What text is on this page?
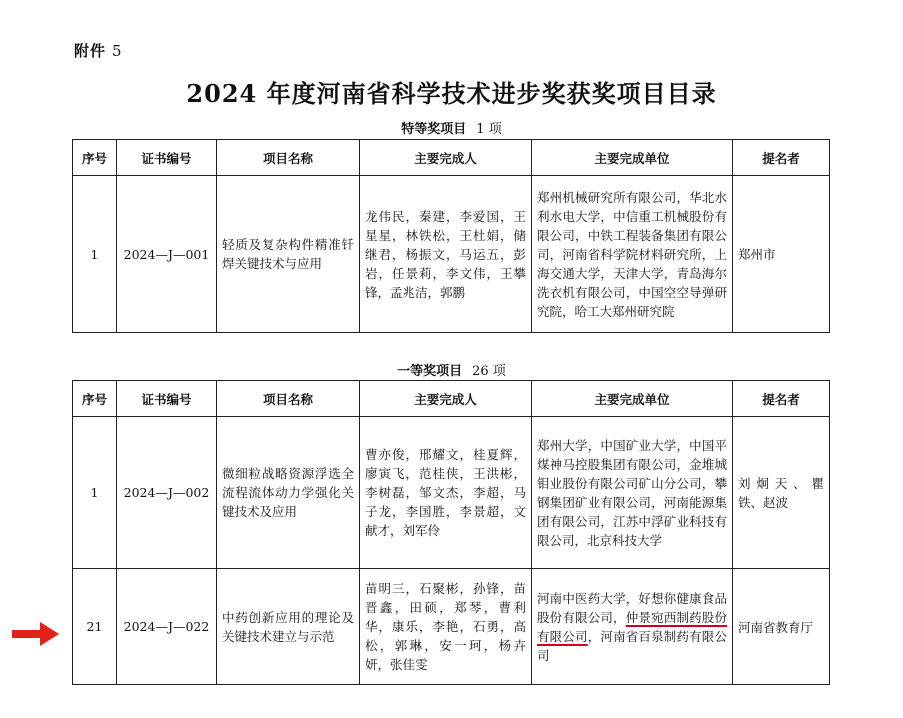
附件 5
2024 年度河南省科学技术进步奖获奖项目目录
特等奖项目 1 项
序号	证书编号	项目名称	主要完成人	主要完成单位	提名者
1	2024—J—001	轻质及复杂构件精准钎焊关键技术与应用	龙伟民，秦建，李爱国，王星星，林铁松，王杜娟，储继君，杨振文，马运五，彭岩，任景莉，李文伟，王攀锋，孟兆洁，郭鹏	郑州机械研究所有限公司，华北水利水电大学，中信重工机械股份有限公司，中铁工程装备集团有限公司，河南省科学院材料研究所，上海交通大学，天津大学，青岛海尔洗衣机有限公司，中国空空导弹研究院，哈工大郑州研究院	郑州市
一等奖项目 26 项
序号	证书编号	项目名称	主要完成人	主要完成单位	提名者
1	2024—J—002	微细粒战略资源浮选全流程流体动力学强化关键技术及应用	曹亦俊，邢耀文，桂夏辉，廖寅飞，范桂侠，王洪彬，李树磊，邹文杰，李超，马子龙，李国胜，李景超，文献才，刘军伶	郑州大学，中国矿业大学，中国平煤神马控股集团有限公司，金堆城钼业股份有限公司矿山分公司，攀钢集团矿业有限公司，河南能源集团有限公司，江苏中浮矿业科技有限公司，北京科技大学	刘炯天、瞿铁、赵波
21	2024—J—022	中药创新应用的理论及关键技术建立与示范	苗明三，石聚彬，孙锋，苗晋鑫，田硕，郑琴，曹利华，康乐，李艳，石勇，高松，郭琳，安一珂，杨卉妍，张佳雯	河南中医药大学，好想你健康食品股份有限公司，仲景宛西制药股份有限公司，河南省百泉制药有限公司	河南省教育厅
